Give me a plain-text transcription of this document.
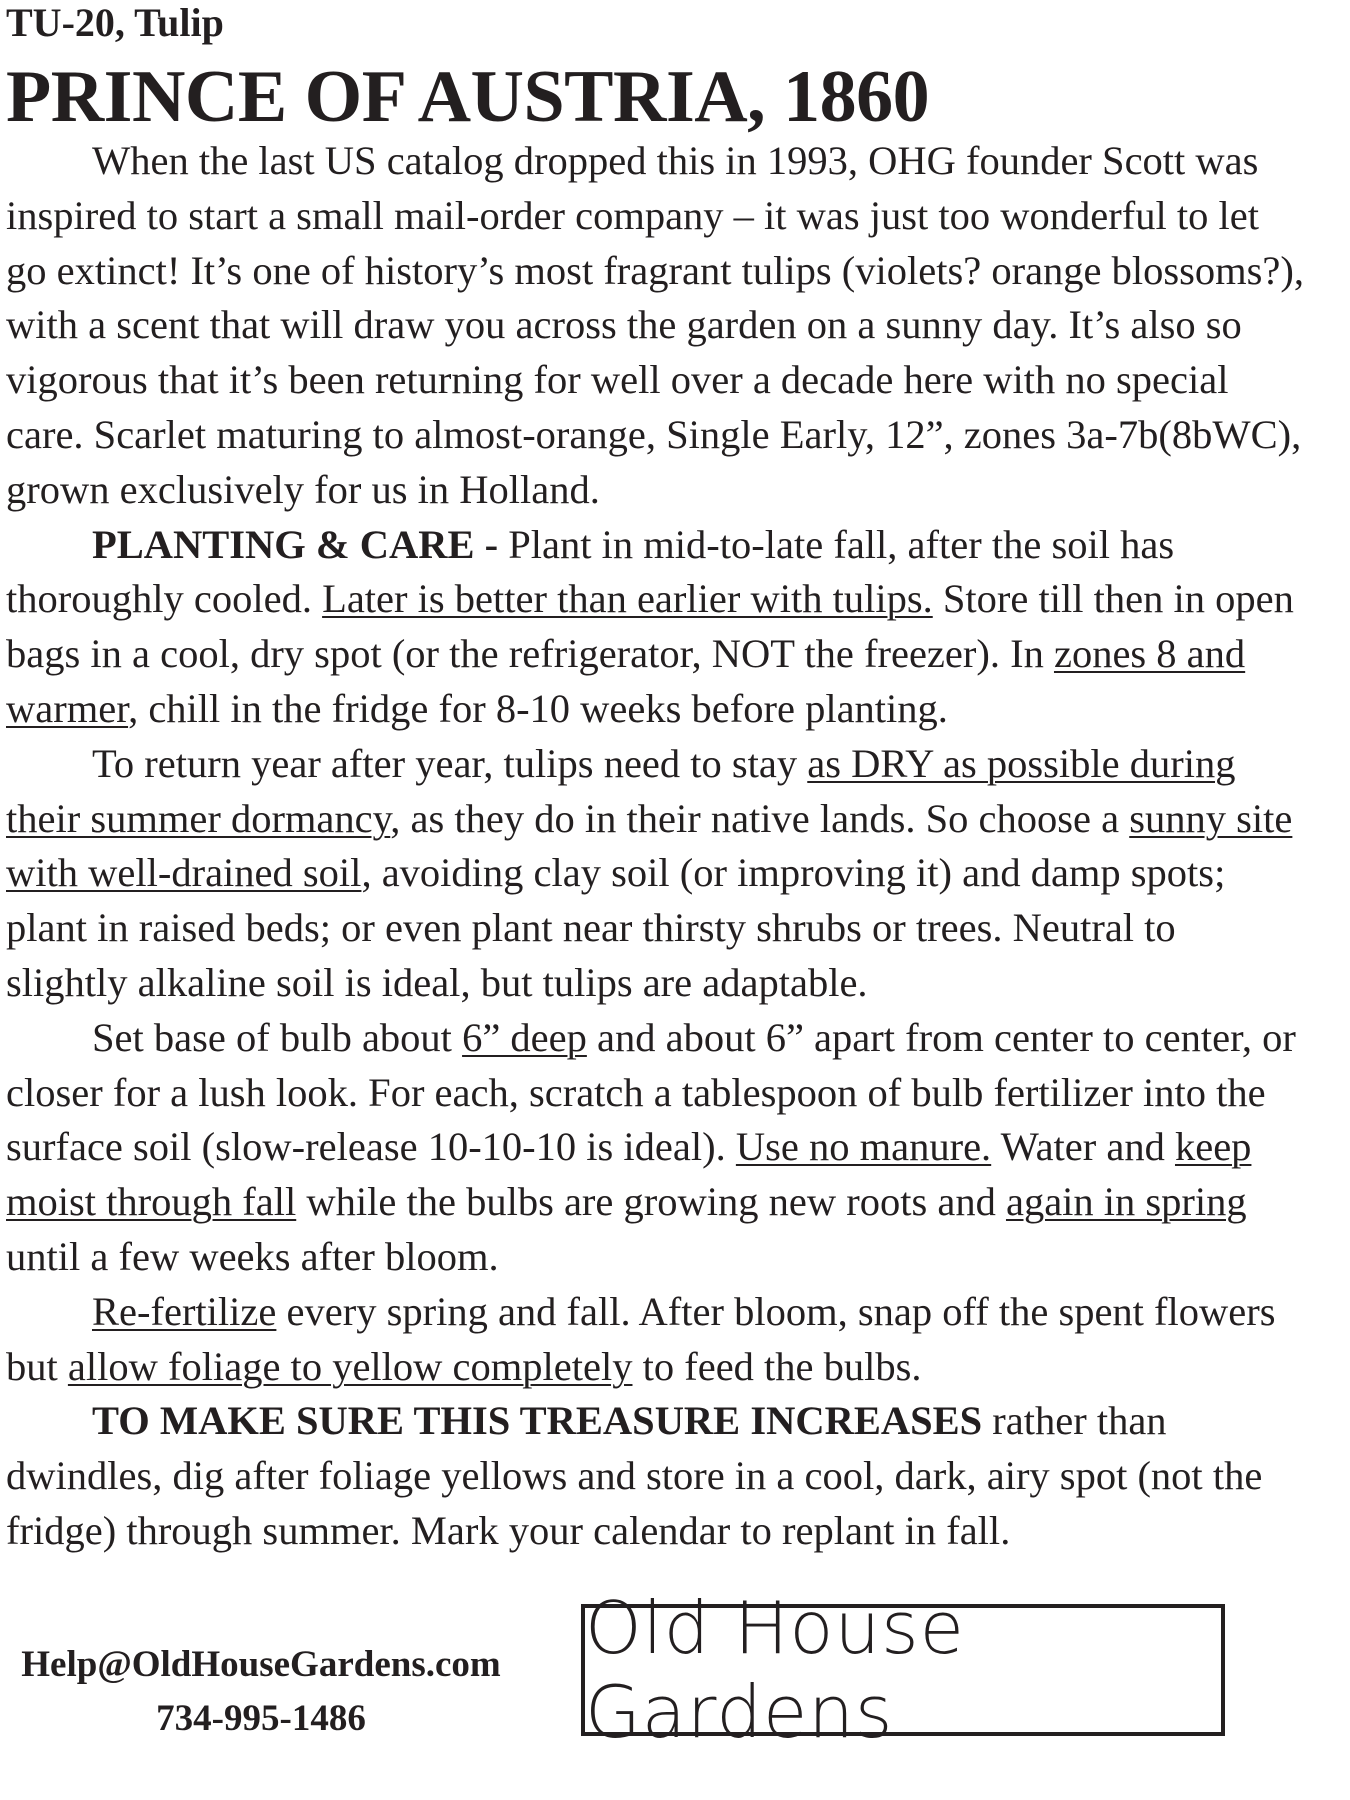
TU-20, Tulip
PRINCE OF AUSTRIA, 1860

When the last US catalog dropped this in 1993, OHG founder Scott was inspired to start a small mail-order company – it was just too wonderful to let go extinct! It’s one of history’s most fragrant tulips (violets? orange blossoms?), with a scent that will draw you across the garden on a sunny day. It’s also so vigorous that it’s been returning for well over a decade here with no special care. Scarlet maturing to almost-orange, Single Early, 12”, zones 3a-7b(8bWC), grown exclusively for us in Holland.

PLANTING & CARE - Plant in mid-to-late fall, after the soil has thoroughly cooled. Later is better than earlier with tulips. Store till then in open bags in a cool, dry spot (or the refrigerator, NOT the freezer). In zones 8 and warmer, chill in the fridge for 8-10 weeks before planting.

To return year after year, tulips need to stay as DRY as possible during their summer dormancy, as they do in their native lands. So choose a sunny site with well-drained soil, avoiding clay soil (or improving it) and damp spots; plant in raised beds; or even plant near thirsty shrubs or trees. Neutral to slightly alkaline soil is ideal, but tulips are adaptable.

Set base of bulb about 6” deep and about 6” apart from center to center, or closer for a lush look. For each, scratch a tablespoon of bulb fertilizer into the surface soil (slow-release 10-10-10 is ideal). Use no manure. Water and keep moist through fall while the bulbs are growing new roots and again in spring until a few weeks after bloom.

Re-fertilize every spring and fall. After bloom, snap off the spent flowers but allow foliage to yellow completely to feed the bulbs.

TO MAKE SURE THIS TREASURE INCREASES rather than dwindles, dig after foliage yellows and store in a cool, dark, airy spot (not the fridge) through summer. Mark your calendar to replant in fall.

Help@OldHouseGardens.com
734-995-1486
Old House Gardens
